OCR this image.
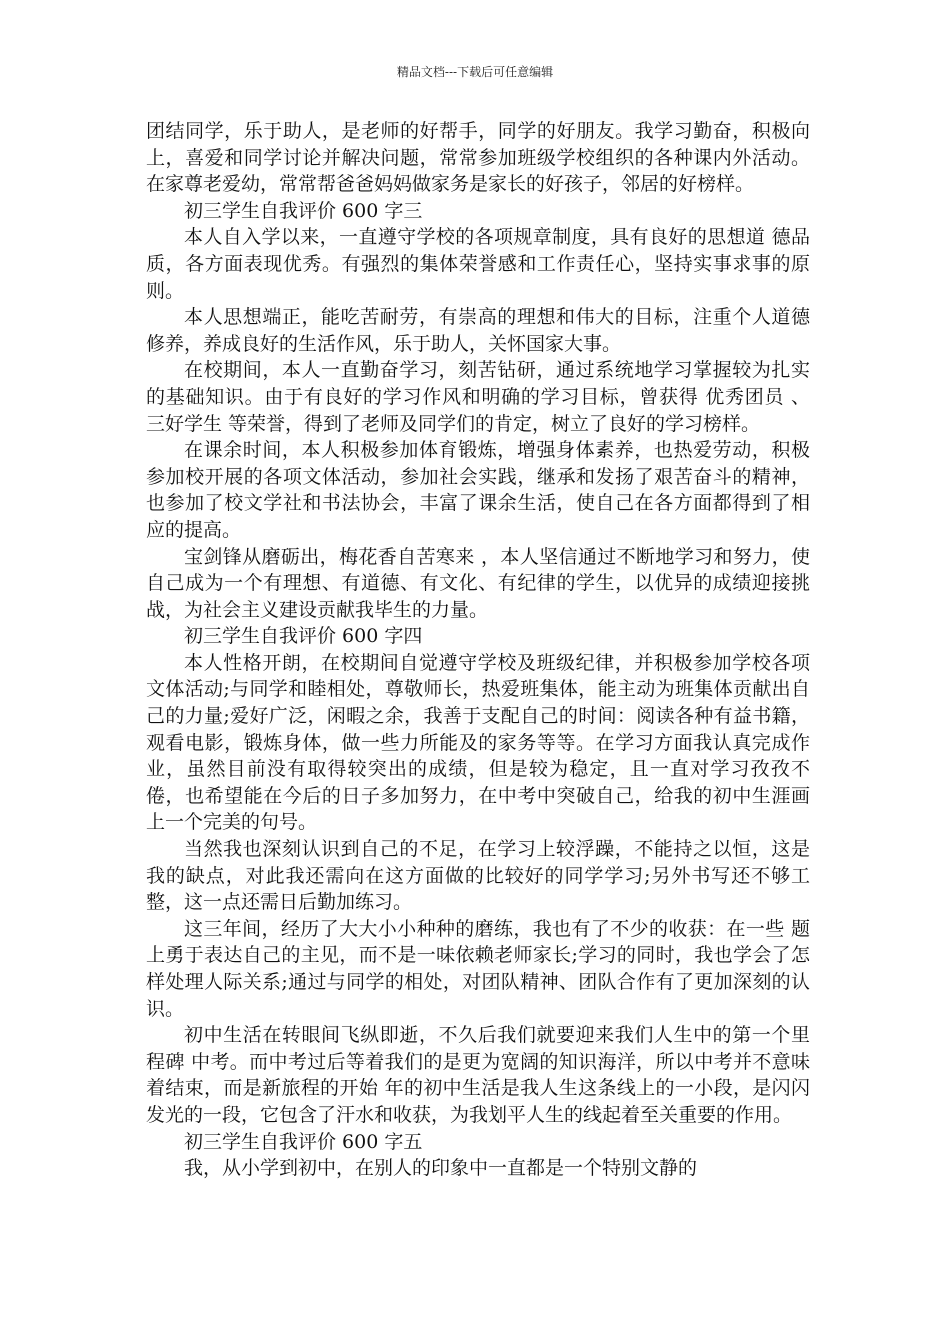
精品文档---下载后可任意编辑

团结同学，乐于助人，是老师的好帮手，同学的好朋友。我学习勤奋，积极向上，喜爱和同学讨论并解决问题，常常参加班级学校组织的各种课内外活动。 在家尊老爱幼，常常帮爸爸妈妈做家务是家长的好孩子，邻居的好榜样。

初三学生自我评价 600 字三

本人自入学以来，一直遵守学校的各项规章制度，具有良好的思想道 德品质，各方面表现优秀。有强烈的集体荣誉感和工作责任心，坚持实事求事的原则。

本人思想端正，能吃苦耐劳，有崇高的理想和伟大的目标，注重个人道德修养，养成良好的生活作风，乐于助人，关怀国家大事。

在校期间，本人一直勤奋学习，刻苦钻研，通过系统地学习掌握较为扎实的基础知识。由于有良好的学习作风和明确的学习目标，曾获得 优秀团员 、 三好学生 等荣誉，得到了老师及同学们的肯定，树立了良好的学习榜样。

在课余时间，本人积极参加体育锻炼，增强身体素养，也热爱劳动，积极参加校开展的各项文体活动，参加社会实践，继承和发扬了艰苦奋斗的精神，也参加了校文学社和书法协会，丰富了课余生活，使自己在各方面都得到了相应的提高。

宝剑锋从磨砺出，梅花香自苦寒来 ，本人坚信通过不断地学习和努力，使自己成为一个有理想、有道德、有文化、有纪律的学生，以优异的成绩迎接挑战，为社会主义建设贡献我毕生的力量。

初三学生自我评价 600 字四

本人性格开朗，在校期间自觉遵守学校及班级纪律，并积极参加学校各项文体活动;与同学和睦相处，尊敬师长，热爱班集体，能主动为班集体贡献出自己的力量;爱好广泛，闲暇之余，我善于支配自己的时间：阅读各种有益书籍，观看电影，锻炼身体，做一些力所能及的家务等等。在学习方面我认真完成作业，虽然目前没有取得较突出的成绩，但是较为稳定，且一直对学习孜孜不倦，也希望能在今后的日子多加努力，在中考中突破自己，给我的初中生涯画上一个完美的句号。

当然我也深刻认识到自己的不足，在学习上较浮躁，不能持之以恒，这是我的缺点，对此我还需向在这方面做的比较好的同学学习;另外书写还不够工整，这一点还需日后勤加练习。

这三年间，经历了大大小小种种的磨练，我也有了不少的收获：在一些 题上勇于表达自己的主见，而不是一味依赖老师家长;学习的同时，我也学会了怎样处理人际关系;通过与同学的相处，对团队精神、团队合作有了更加深刻的认识。

初中生活在转眼间飞纵即逝，不久后我们就要迎来我们人生中的第一个里程碑 中考。而中考过后等着我们的是更为宽阔的知识海洋，所以中考并不意味着结束，而是新旅程的开始 年的初中生活是我人生这条线上的一小段，是闪闪发光的一段，它包含了汗水和收获，为我划平人生的线起着至关重要的作用。

初三学生自我评价 600 字五

我，从小学到初中，在别人的印象中一直都是一个特别文静的
